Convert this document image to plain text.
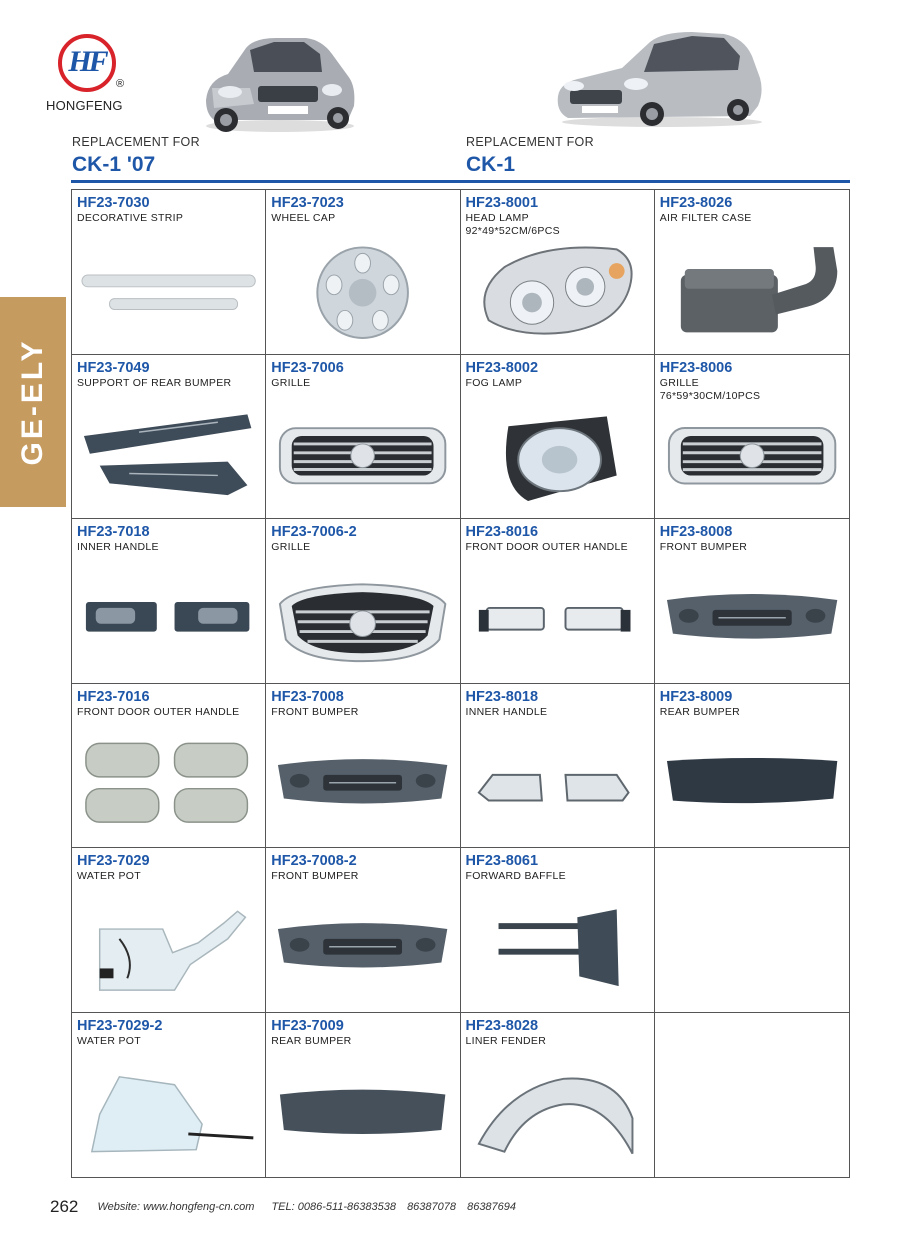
HF
®
HONGFENG
REPLACEMENT FOR
CK-1 '07
REPLACEMENT FOR
CK-1
GE-ELY
HF23-7030
DECORATIVE STRIP
HF23-7023
WHEEL CAP
HF23-8001
HEAD LAMP
92*49*52CM/6PCS
HF23-8026
AIR FILTER CASE
HF23-7049
SUPPORT OF REAR BUMPER
HF23-7006
GRILLE
HF23-8002
FOG LAMP
HF23-8006
GRILLE
76*59*30CM/10PCS
HF23-7018
INNER HANDLE
HF23-7006-2
GRILLE
HF23-8016
FRONT DOOR OUTER HANDLE
HF23-8008
FRONT BUMPER
HF23-7016
FRONT DOOR OUTER HANDLE
HF23-7008
FRONT BUMPER
HF23-8018
INNER HANDLE
HF23-8009
REAR BUMPER
HF23-7029
WATER POT
HF23-7008-2
FRONT BUMPER
HF23-8061
FORWARD BAFFLE
HF23-7029-2
WATER POT
HF23-7009
REAR BUMPER
HF23-8028
LINER FENDER
262 Website: www.hongfeng-cn.com TEL: 0086-511-86383538 86387078 86387694
